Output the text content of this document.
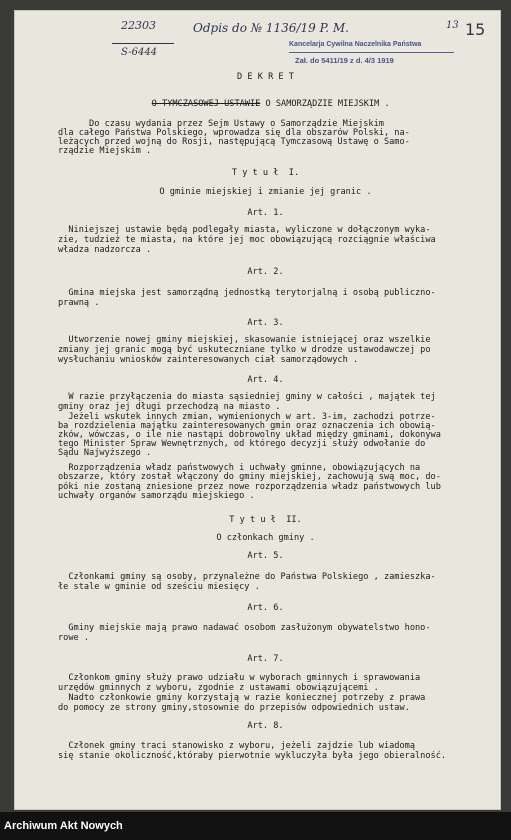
22303
S-6444
Odpis do № 1136/19 P. M.	13 15
Kancelarja Cywilna Naczelnika Państwa
Zał. do 5411/19 z d. 4/3 1919
D E K R E T

O TYMCZASOWEJ USTAWIE O SAMORZĄDZIE MIEJSKIM .

Do czasu wydania przez Sejm Ustawy o Samorządzie Miejskim
dla całego Państwa Polskiego, wprowadza się dla obszarów Polski, na-
leżących przed wojną do Rosji, następującą Tymczasową Ustawę o Samo-
rządzie Miejskim .
T y t u ł  I.
O gminie miejskiej i zmianie jej granic .
Art. 1.
Niniejszej ustawie będą podlegały miasta, wyliczone w dołączonym wyka-
zie, tudzież te miasta, na które jej moc obowiązującą rozciągnie właściwa
władza nadzorcza .
Art. 2.
Gmina miejska jest samorządną jednostką terytorjalną i osobą publiczno-
prawną .
Art. 3.
Utworzenie nowej gminy miejskiej, skasowanie istniejącej oraz wszelkie
zmiany jej granic mogą być uskuteczniane tylko w drodze ustawodawczej po
wysłuchaniu wniosków zainteresowanych ciał samorządowych .
Art. 4.
W razie przyłączenia do miasta sąsiedniej gminy w całości , majątek tej
gminy oraz jej długi przechodzą na miasto .
Jeżeli wskutek innych zmian, wymienionych w art. 3-im, zachodzi potrze-
ba rozdzielenia majątku zainteresowanych gmin oraz oznaczenia ich obowią-
zków, wówczas, o ile nie nastąpi dobrowolny układ między gminami, dokonywa
tego Minister Spraw Wewnętrznych, od którego decyzji służy odwołanie do
Sądu Najwyższego .
Rozporządzenia władz państwowych i uchwały gminne, obowiązujących na
obszarze, który został włączony do gminy miejskiej, zachowują swą moc, do-
póki nie zostaną zniesione przez nowe rozporządzenia władz państwowych lub
uchwały organów samorządu miejskiego .
T y t u ł  II.
O członkach gminy .
Art. 5.
Członkami gminy są osoby, przynależne do Państwa Polskiego , zamieszka-
łe stale w gminie od sześciu miesięcy .
Art. 6.
Gminy miejskie mają prawo nadawać osobom zasłużonym obywatelstwo hono-
rowe .
Art. 7.
Członkom gminy służy prawo udziału w wyborach gminnych i sprawowania
urzędów gminnych z wyboru, zgodnie z ustawami obowiązującemi .
Nadto członkowie gminy korzystają w razie koniecznej potrzeby z prawa
do pomocy ze strony gminy,stosownie do przepisów odpowiednich ustaw.
Art. 8.
Członek gminy traci stanowisko z wyboru, jeżeli zajdzie lub wiadomą
się stanie okoliczność,któraby pierwotnie wykluczyła była jego obieralność.
Archiwum Akt Nowych
